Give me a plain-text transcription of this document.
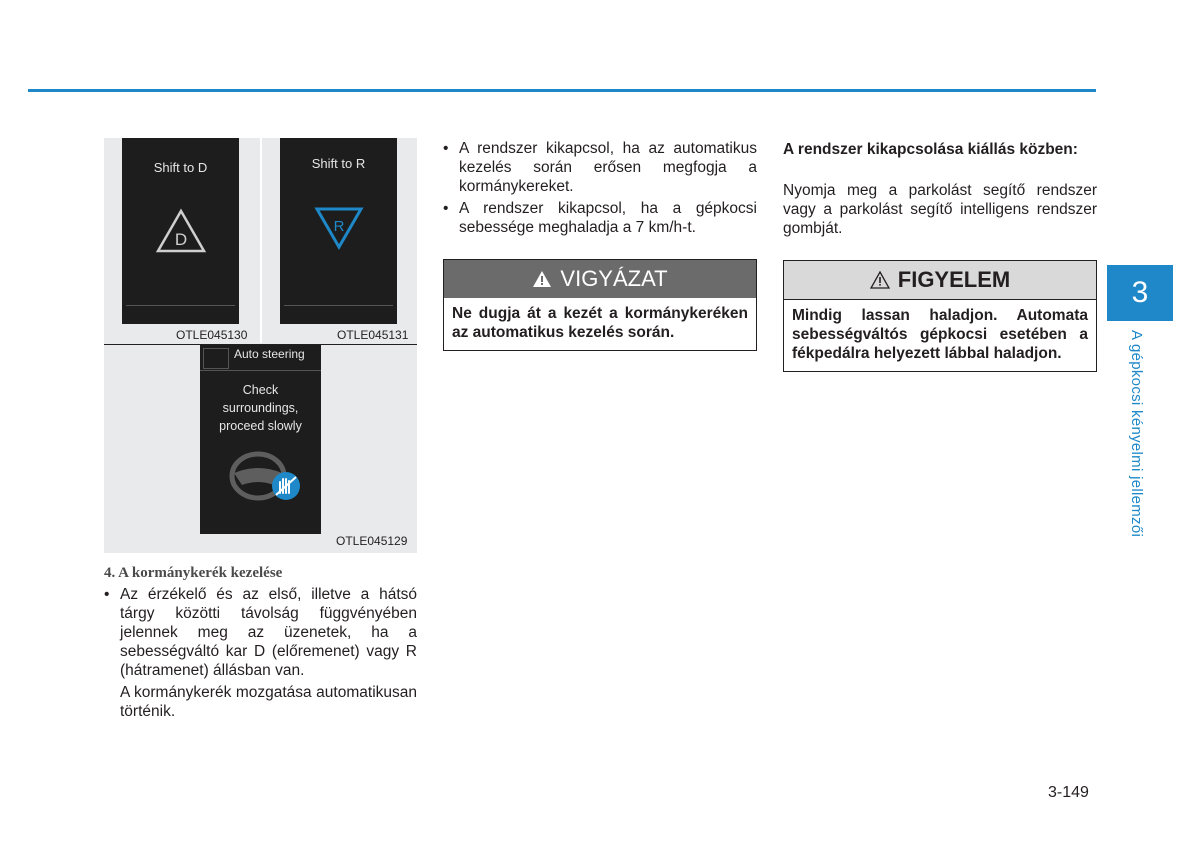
Shift to D
D
Shift to R
R
OTLE045130	OTLE045131
Auto steering
Check
surroundings,
proceed slowly
OTLE045129
4. A kormánykerék kezelése
• Az érzékelő és az első, illetve a hátsó tárgy közötti távolság függvényében jelennek meg az üzenetek, ha a sebességváltó kar D (előremenet) vagy R (hátramenet) állásban van.
A kormánykerék mozgatása automatikusan történik.
• A rendszer kikapcsol, ha az automatikus kezelés során erősen megfogja a kormánykereket.
• A rendszer kikapcsol, ha a gépkocsi sebessége meghaladja a 7 km/h-t.
VIGYÁZAT
Ne dugja át a kezét a kormánykeréken az automatikus kezelés során.
A rendszer kikapcsolása kiállás közben:
Nyomja meg a parkolást segítő rendszer vagy a parkolást segítő intelligens rendszer gombját.
FIGYELEM
Mindig lassan haladjon. Automata sebességváltós gépkocsi esetében a fékpedálra helyezett lábbal haladjon.
3
A gépkocsi kényelmi jellemzői
3-149
